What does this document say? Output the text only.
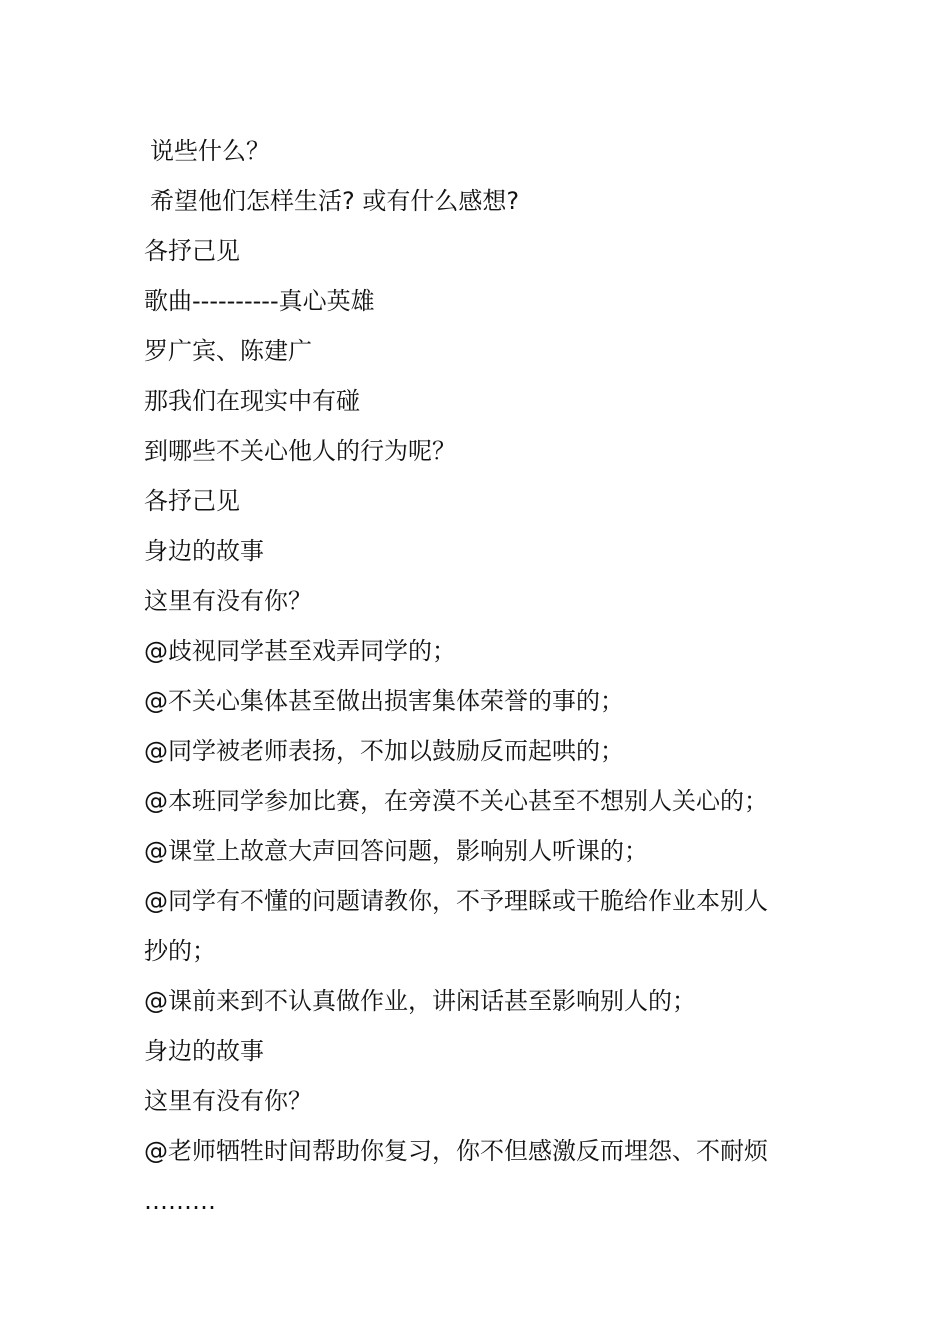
说些什么？
希望他们怎样生活? 或有什么感想?
各抒己见
歌曲----------真心英雄
罗广宾、陈建广
那我们在现实中有碰
到哪些不关心他人的行为呢？
各抒己见
身边的故事
这里有没有你？
@歧视同学甚至戏弄同学的；
@不关心集体甚至做出损害集体荣誉的事的；
@同学被老师表扬，不加以鼓励反而起哄的；
@本班同学参加比赛，在旁漠不关心甚至不想别人关心的；
@课堂上故意大声回答问题，影响别人听课的；
@同学有不懂的问题请教你，不予理睬或干脆给作业本别人
抄的；
@课前来到不认真做作业，讲闲话甚至影响别人的；
身边的故事
这里有没有你？
@老师牺牲时间帮助你复习，你不但感激反而埋怨、不耐烦
………
